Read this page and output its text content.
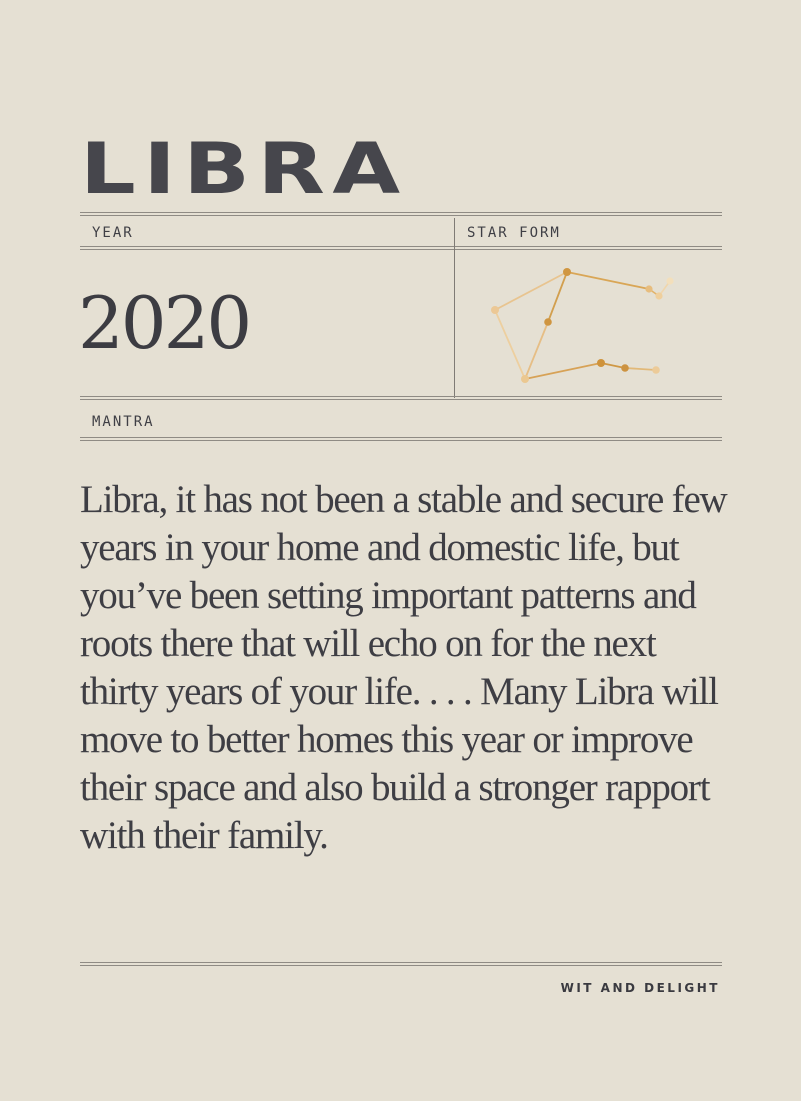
LIBRA

YEAR	STAR FORM

2020

MANTRA

Libra, it has not been a stable and secure few years in your home and domestic life, but you’ve been setting important patterns and roots there that will echo on for the next thirty years of your life. . . . Many Libra will move to better homes this year or improve their space and also build a stronger rapport with their family.

WIT AND DELIGHT
